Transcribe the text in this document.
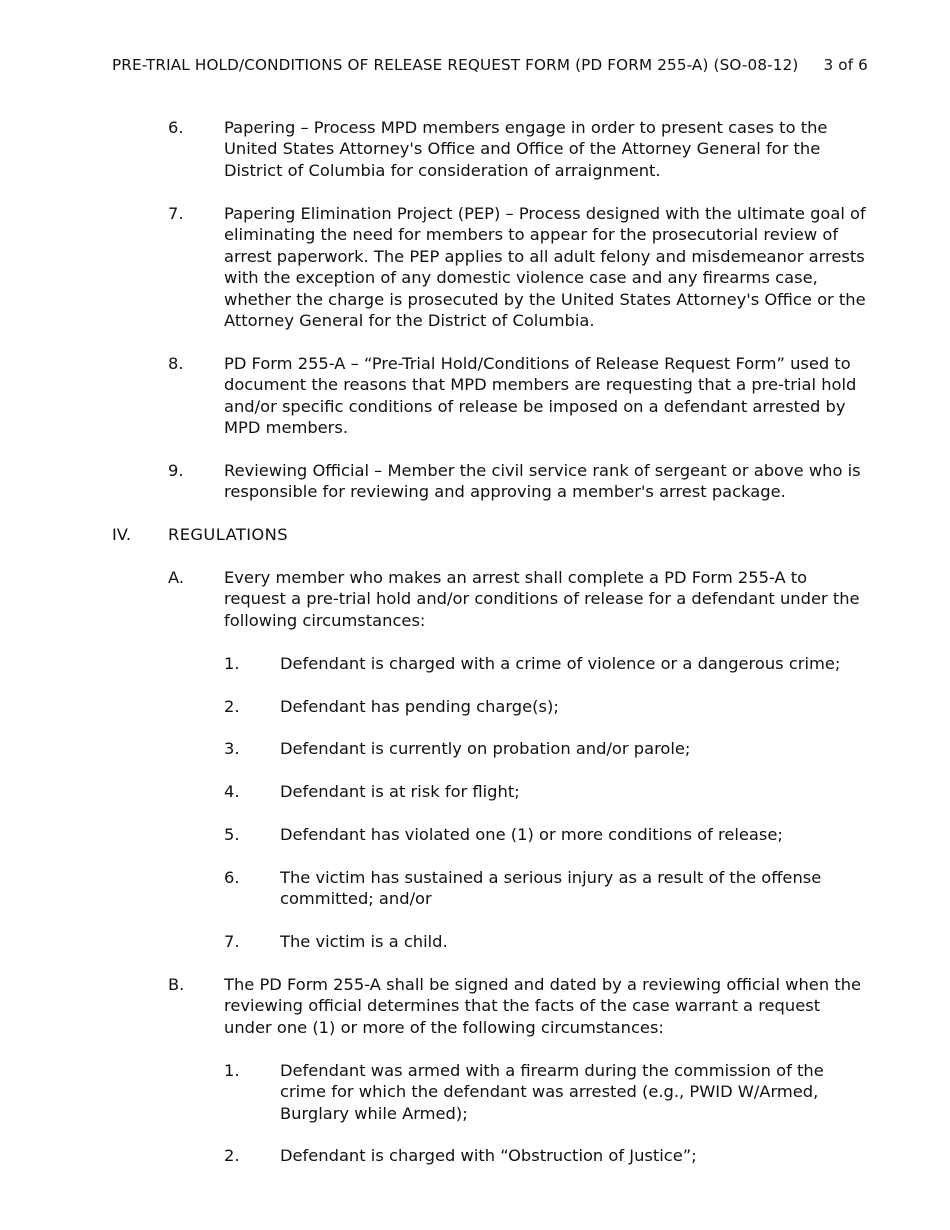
PRE-TRIAL HOLD/CONDITIONS OF RELEASE REQUEST FORM (PD FORM 255-A) (SO-08-12) 3 of 6
6. Papering – Process MPD members engage in order to present cases to the United States Attorney's Office and Office of the Attorney General for the District of Columbia for consideration of arraignment.
7. Papering Elimination Project (PEP) – Process designed with the ultimate goal of eliminating the need for members to appear for the prosecutorial review of arrest paperwork. The PEP applies to all adult felony and misdemeanor arrests with the exception of any domestic violence case and any firearms case, whether the charge is prosecuted by the United States Attorney's Office or the Attorney General for the District of Columbia.
8. PD Form 255-A – “Pre-Trial Hold/Conditions of Release Request Form” used to document the reasons that MPD members are requesting that a pre-trial hold and/or specific conditions of release be imposed on a defendant arrested by MPD members.
9. Reviewing Official – Member the civil service rank of sergeant or above who is responsible for reviewing and approving a member's arrest package.
IV. REGULATIONS
A. Every member who makes an arrest shall complete a PD Form 255-A to request a pre-trial hold and/or conditions of release for a defendant under the following circumstances:
1. Defendant is charged with a crime of violence or a dangerous crime;
2. Defendant has pending charge(s);
3. Defendant is currently on probation and/or parole;
4. Defendant is at risk for flight;
5. Defendant has violated one (1) or more conditions of release;
6. The victim has sustained a serious injury as a result of the offense committed; and/or
7. The victim is a child.
B. The PD Form 255-A shall be signed and dated by a reviewing official when the reviewing official determines that the facts of the case warrant a request under one (1) or more of the following circumstances:
1. Defendant was armed with a firearm during the commission of the crime for which the defendant was arrested (e.g., PWID W/Armed, Burglary while Armed);
2. Defendant is charged with “Obstruction of Justice”;
